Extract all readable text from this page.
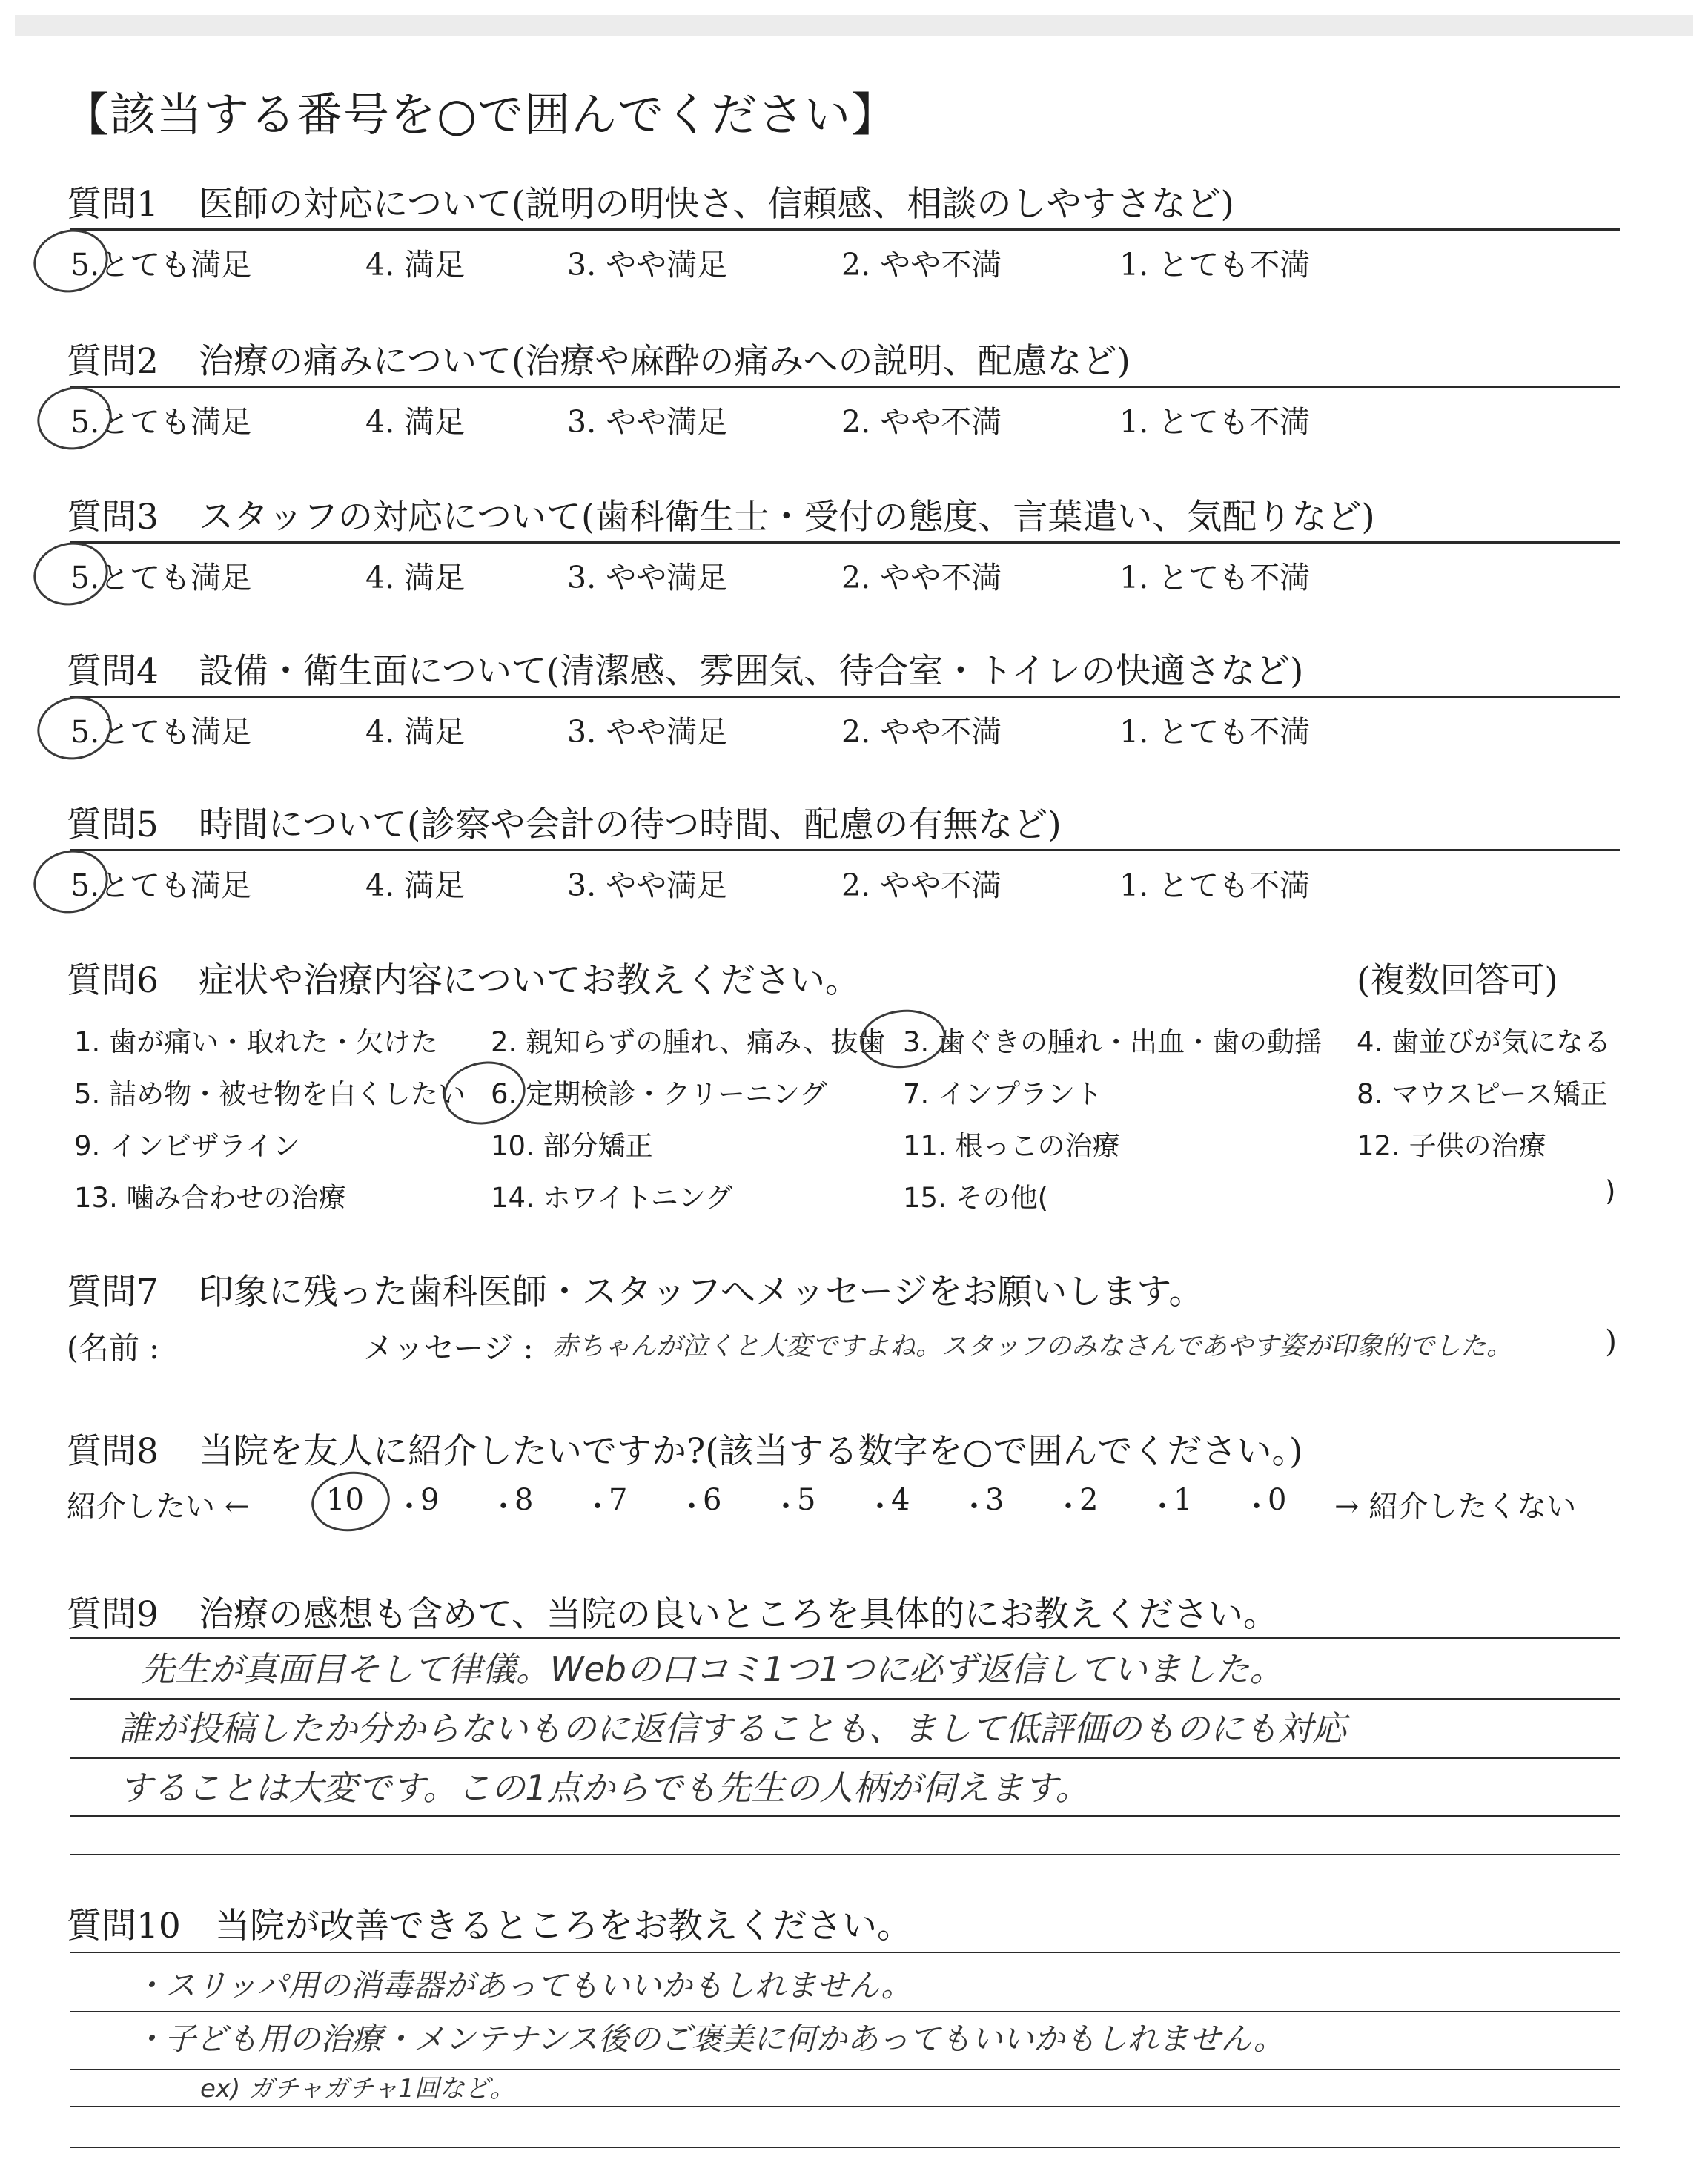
【該当する番号を○で囲んでください】
質問1 医師の対応について(説明の明快さ、信頼感、相談のしやすさなど)
5.とても満足	4. 満足	3. やや満足	2. やや不満	1. とても不満
質問2 治療の痛みについて(治療や麻酔の痛みへの説明、配慮など)
5.とても満足	4. 満足	3. やや満足	2. やや不満	1. とても不満
質問3 スタッフの対応について(歯科衛生士・受付の態度、言葉遣い、気配りなど)
5.とても満足	4. 満足	3. やや満足	2. やや不満	1. とても不満
質問4 設備・衛生面について(清潔感、雰囲気、待合室・トイレの快適さなど)
5.とても満足	4. 満足	3. やや満足	2. やや不満	1. とても不満
質問5 時間について(診察や会計の待つ時間、配慮の有無など)
5.とても満足	4. 満足	3. やや満足	2. やや不満	1. とても不満
質問6 症状や治療内容についてお教えください。	(複数回答可)
1. 歯が痛い・取れた・欠けた 2. 親知らずの腫れ、痛み、抜歯 3. 歯ぐきの腫れ・出血・歯の動揺 4. 歯並びが気になる
5. 詰め物・被せ物を白くしたい 6. 定期検診・クリーニング	7. インプラント	8. マウスピース矯正
9. インビザライン	10. 部分矯正	11. 根っこの治療	12. 子供の治療
13. 噛み合わせの治療	14. ホワイトニング	15. その他(	)
質問7 印象に残った歯科医師・スタッフへメッセージをお願いします。
(名前 :	メッセージ : 赤ちゃんが泣くと大変ですよね。スタッフのみなさんであやす姿が印象的でした。	)
質問8 当院を友人に紹介したいですか?(該当する数字を○で囲んでください。)
紹介したい ←	10 ・
9 ・
8 ・
7 ・
6 ・
5 ・
4 ・
3 ・
2 ・
1 ・
0 → 紹介したくない
質問9 治療の感想も含めて、当院の良いところを具体的にお教えください。
先生が真面目そして律儀。Webの口コミ1つ1つに必ず返信していました。
誰が投稿したか分からないものに返信することも、まして低評価のものにも対応
することは大変です。この1点からでも先生の人柄が伺えます。
質問10 当院が改善できるところをお教えください。
・スリッパ用の消毒器があってもいいかもしれません。
・子ども用の治療・メンテナンス後のご褒美に何かあってもいいかもしれません。
ex) ガチャガチャ1回など。
